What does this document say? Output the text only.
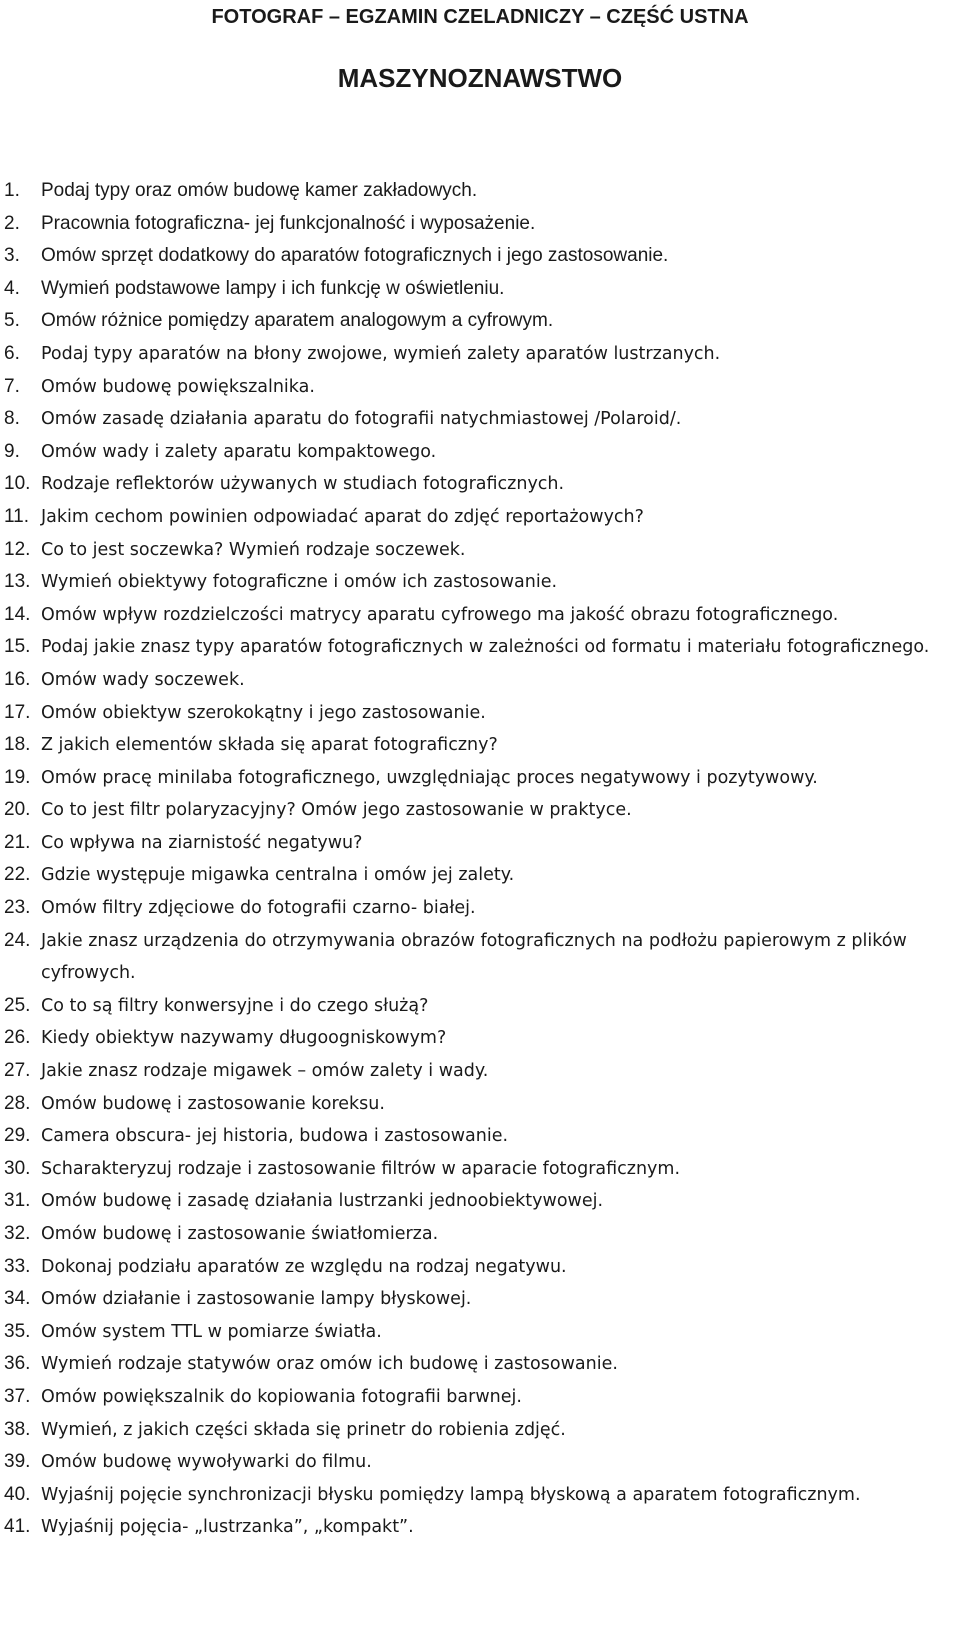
FOTOGRAF – EGZAMIN CZELADNICZY – CZĘŚĆ USTNA
MASZYNOZNAWSTWO
1. Podaj typy oraz omów budowę kamer zakładowych.
2. Pracownia fotograficzna- jej funkcjonalność i wyposażenie.
3. Omów sprzęt dodatkowy do aparatów fotograficznych i jego zastosowanie.
4. Wymień podstawowe lampy i ich funkcję w oświetleniu.
5. Omów różnice pomiędzy aparatem analogowym a cyfrowym.
6. Podaj typy aparatów na błony zwojowe, wymień zalety aparatów lustrzanych.
7. Omów budowę powiększalnika.
8. Omów zasadę działania aparatu do fotografii natychmiastowej /Polaroid/.
9. Omów wady i zalety aparatu kompaktowego.
10. Rodzaje reflektorów używanych w studiach fotograficznych.
11. Jakim cechom powinien odpowiadać aparat do zdjęć reportażowych?
12. Co to jest soczewka? Wymień rodzaje soczewek.
13. Wymień obiektywy fotograficzne i omów ich zastosowanie.
14. Omów wpływ rozdzielczości matrycy aparatu cyfrowego ma jakość obrazu fotograficznego.
15. Podaj jakie znasz typy aparatów fotograficznych w zależności od formatu i materiału fotograficznego.
16. Omów wady soczewek.
17. Omów obiektyw szerokokątny i jego zastosowanie.
18. Z jakich elementów składa się aparat fotograficzny?
19. Omów pracę minilaba fotograficznego, uwzględniając proces negatywowy i pozytywowy.
20. Co to jest filtr polaryzacyjny? Omów jego zastosowanie w praktyce.
21. Co wpływa na ziarnistość negatywu?
22. Gdzie występuje migawka centralna i omów jej zalety.
23. Omów filtry zdjęciowe do fotografii czarno- białej.
24. Jakie znasz urządzenia do otrzymywania obrazów fotograficznych na podłożu papierowym z plików cyfrowych.
25. Co to są filtry konwersyjne i do czego służą?
26. Kiedy obiektyw nazywamy długoogniskowym?
27. Jakie znasz rodzaje migawek – omów zalety i wady.
28. Omów budowę i zastosowanie koreksu.
29. Camera obscura- jej historia, budowa i zastosowanie.
30. Scharakteryzuj rodzaje i zastosowanie filtrów w aparacie fotograficznym.
31. Omów budowę i zasadę działania lustrzanki jednoobiektywowej.
32. Omów budowę i zastosowanie światłomierza.
33. Dokonaj podziału aparatów ze względu na rodzaj negatywu.
34. Omów działanie i zastosowanie lampy błyskowej.
35. Omów system TTL w pomiarze światła.
36. Wymień rodzaje statywów oraz omów ich budowę i zastosowanie.
37. Omów powiększalnik do kopiowania fotografii barwnej.
38. Wymień, z jakich części składa się prinetr do robienia zdjęć.
39. Omów budowę wywoływarki do filmu.
40. Wyjaśnij pojęcie synchronizacji błysku pomiędzy lampą błyskową a aparatem fotograficznym.
41. Wyjaśnij pojęcia- „lustrzanka”, „kompakt”.
